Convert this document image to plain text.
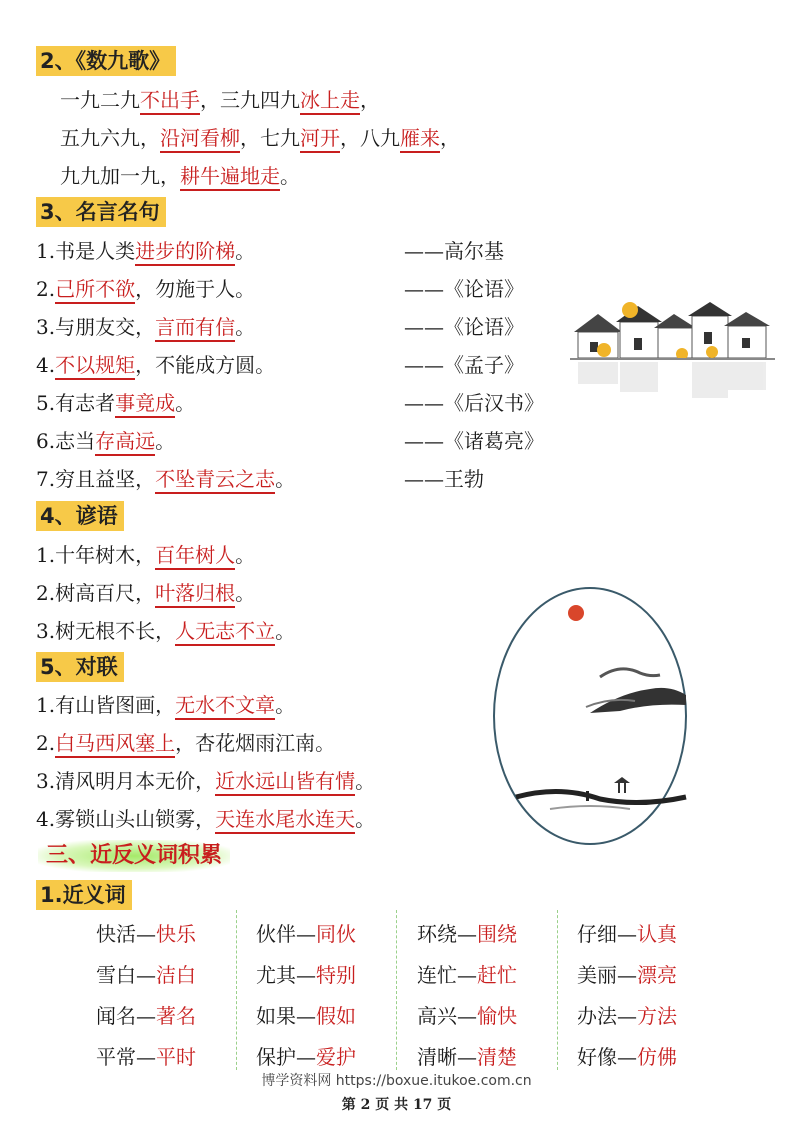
2、《数九歌》
一九二九不出手，三九四九冰上走，
五九六九，沿河看柳，七九河开，八九雁来，
九九加一九，耕牛遍地走。
3、名言名句
1.书是人类进步的阶梯。
2.己所不欲，勿施于人。
3.与朋友交，言而有信。
4.不以规矩，不能成方圆。
5.有志者事竟成。
6.志当存高远。
7.穷且益坚，不坠青云之志。
——高尔基
——《论语》
——《论语》
——《孟子》
——《后汉书》
——《诸葛亮》
——王勃
4、谚语
1.十年树木，百年树人。
2.树高百尺，叶落归根。
3.树无根不长，人无志不立。
5、对联
1.有山皆图画，无水不文章。
2.白马西风塞上，杏花烟雨江南。
3.清风明月本无价，近水远山皆有情。
4.雾锁山头山锁雾，天连水尾水连天。
三、近反义词积累
1.近义词
快活—快乐
雪白—洁白
闻名—著名
平常—平时
伙伴—同伙
尤其—特别
如果—假如
保护—爱护
环绕—围绕
连忙—赶忙
高兴—愉快
清晰—清楚
仔细—认真
美丽—漂亮
办法—方法
好像—仿佛
博学资料网 https://boxue.itukoe.com.cn
第 2 页 共 17 页
